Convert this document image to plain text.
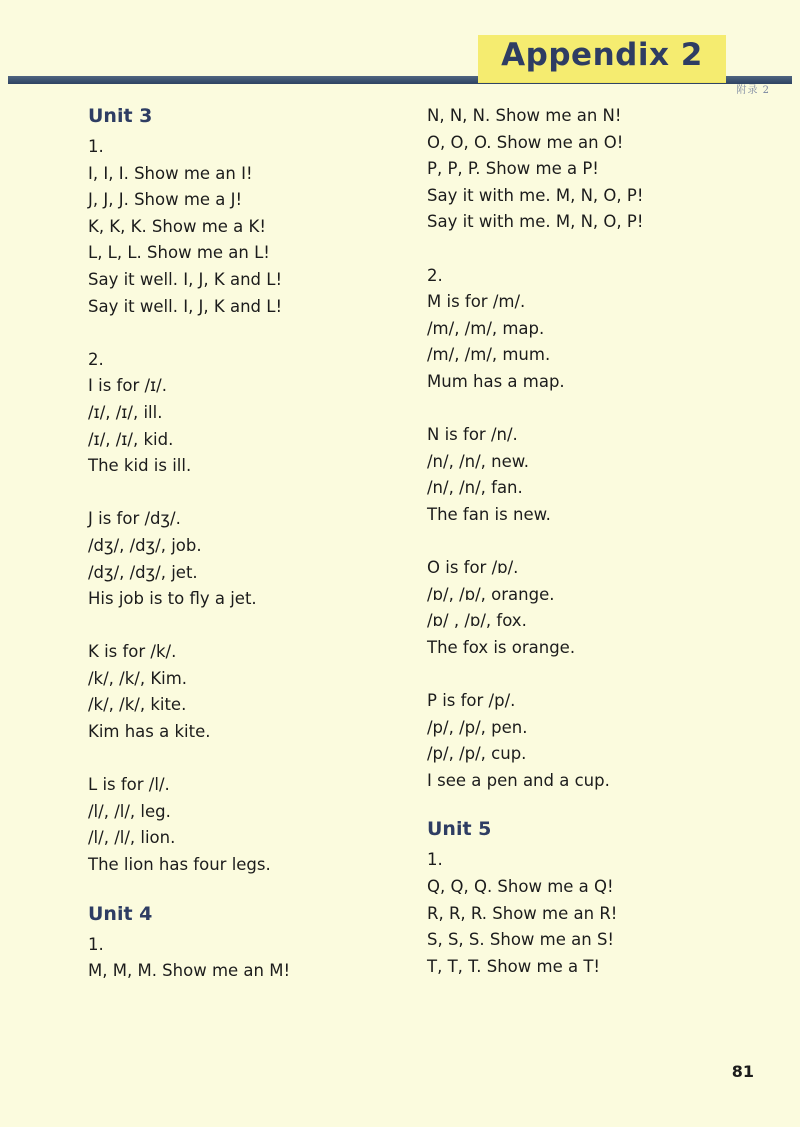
Appendix 2
附录 2
Unit 3
1.
I, I, I. Show me an I!
J, J, J. Show me a J!
K, K, K. Show me a K!
L, L, L. Show me an L!
Say it well. I, J, K and L!
Say it well. I, J, K and L!
2.
I is for /ɪ/.
/ɪ/, /ɪ/, ill.
/ɪ/, /ɪ/, kid.
The kid is ill.
J is for /dʒ/.
/dʒ/, /dʒ/, job.
/dʒ/, /dʒ/, jet.
His job is to fly a jet.
K is for /k/.
/k/, /k/, Kim.
/k/, /k/, kite.
Kim has a kite.
L is for /l/.
/l/, /l/, leg.
/l/, /l/, lion.
The lion has four legs.
Unit 4
1.
M, M, M. Show me an M!
N, N, N. Show me an N!
O, O, O. Show me an O!
P, P, P. Show me a P!
Say it with me. M, N, O, P!
Say it with me. M, N, O, P!
2.
M is for /m/.
/m/, /m/, map.
/m/, /m/, mum.
Mum has a map.
N is for /n/.
/n/, /n/, new.
/n/, /n/, fan.
The fan is new.
O is for /ɒ/.
/ɒ/, /ɒ/, orange.
/ɒ/ , /ɒ/, fox.
The fox is orange.
P is for /p/.
/p/, /p/, pen.
/p/, /p/, cup.
I see a pen and a cup.
Unit 5
1.
Q, Q, Q. Show me a Q!
R, R, R. Show me an R!
S, S, S. Show me an S!
T, T, T. Show me a T!
81
